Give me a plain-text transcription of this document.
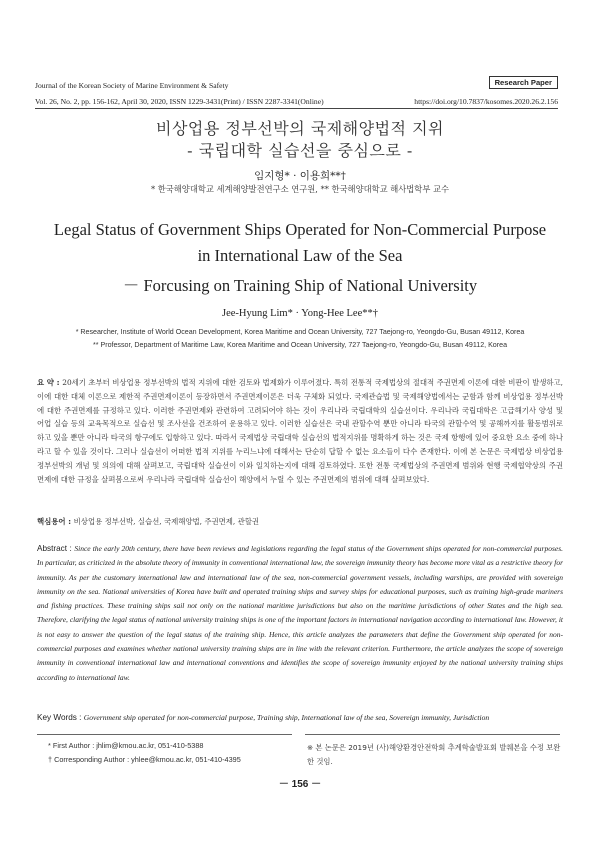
Journal of the Korean Society of Marine Environment & Safety	Research Paper
Vol. 26, No. 2, pp. 156-162, April 30, 2020, ISSN 1229-3431(Print) / ISSN 2287-3341(Online)	https://doi.org/10.7837/kosomes.2020.26.2.156
비상업용 정부선박의 국제해양법적 지위
- 국립대학 실습선을 중심으로 -
임지형* · 이용희**†
* 한국해양대학교 세계해양발전연구소 연구원, ** 한국해양대학교 해사법학부 교수
Legal Status of Government Ships Operated for Non-Commercial Purpose
in International Law of the Sea
－ Forcusing on Training Ship of National University
Jee-Hyung Lim* · Yong-Hee Lee**†
* Researcher, Institute of World Ocean Development, Korea Maritime and Ocean University, 727 Taejong-ro, Yeongdo-Gu, Busan 49112, Korea
** Professor, Department of Maritime Law, Korea Maritime and Ocean University, 727 Taejong-ro, Yeongdo-Gu, Busan 49112, Korea
요 약 : 20세기 초부터 비상업용 정부선박의 법적 지위에 대한 검토와 법제화가 이루어졌다. 특히 전통적 국제법상의 절대적 주권면제 이론에 대한 비판이 발생하고, 이에 대한 대체 이론으로 제한적 주권면제이론이 등장하면서 주권면제이론은 더욱 구체화 되었다. 국제관습법 및 국제해양법에서는 군함과 함께 비상업용 정부선박에 대한 주권면제를 규정하고 있다. 이러한 주권면제와 관련하여 고려되어야 하는 것이 우리나라 국립대학의 실습선이다. 우리나라 국립대학은 고급해기사 양성 및 어업 실습 등의 교육목적으로 실습선 및 조사선을 건조하여 운용하고 있다. 이러한 실습선은 국내 관할수역 뿐만 아니라 타국의 관할수역 및 공해까지를 활동범위로 하고 있을 뿐만 아니라 타국의 항구에도 입항하고 있다. 따라서 국제법상 국립대학 실습선의 법적지위를 명확하게 하는 것은 국제 항행에 있어 중요한 요소 중에 하나라고 할 수 있을 것이다. 그러나 실습선이 어떠한 법적 지위를 누리느냐에 대해서는 단순히 답할 수 없는 요소들이 다수 존재한다. 이에 본 논문은 국제법상 비상업용 정부선박의 개념 및 의의에 대해 살펴보고, 국립대학 실습선이 이와 일치하는지에 대해 검토하였다. 또한 전통 국제법상의 주권면제 범위와 현행 국제협약상의 주권면제에 대한 규정을 살펴봄으로써 우리나라 국립대학 실습선이 해양에서 누릴 수 있는 주권면제의 범위에 대해 살펴보았다.
핵심용어 : 비상업용 정부선박, 실습선, 국제해양법, 주권면제, 관할권
Abstract : Since the early 20th century, there have been reviews and legislations regarding the legal status of the Government ships operated for non-commercial purposes. In particular, as criticized in the absolute theory of immunity in conventional international law, the sovereign immunity theory has become more vital as a restrictive theory for immunity. As per the customary international law and international law of the sea, non-commercial government vessels, including warships, are provided with sovereign immunity on the sea. National universities of Korea have built and operated training ships and survey ships for educational purposes, such as training high-grade mariners and fishing practices. These training ships sail not only on the national maritime jurisdictions but also on the maritime jurisdictions of other States and the high sea. Therefore, clarifying the legal status of national university training ships is one of the important factors in international navigation according to international law. However, it is not easy to answer the question of the legal status of the training ship. Hence, this article analyzes the parameters that define the Government ship operated for non-commercial purposes and examines whether national university training ships are in line with the relevant criterion. Furthermore, the article analyzes the scope of sovereign immunity in conventional international law and international conventions and identifies the scope of sovereign immunity enjoyed by the national university training ships according to international law.
Key Words : Government ship operated for non-commercial purpose, Training ship, International law of the sea, Sovereign immunity, Jurisdiction
* First Author : jhlim@kmou.ac.kr, 051-410-5388
† Corresponding Author : yhlee@kmou.ac.kr, 051-410-4395
※ 본 논문은 2019년 (사)해양환경안전학회 추계학술발표회 발췌본을 수정 보완한 것임.
－ 156 －
